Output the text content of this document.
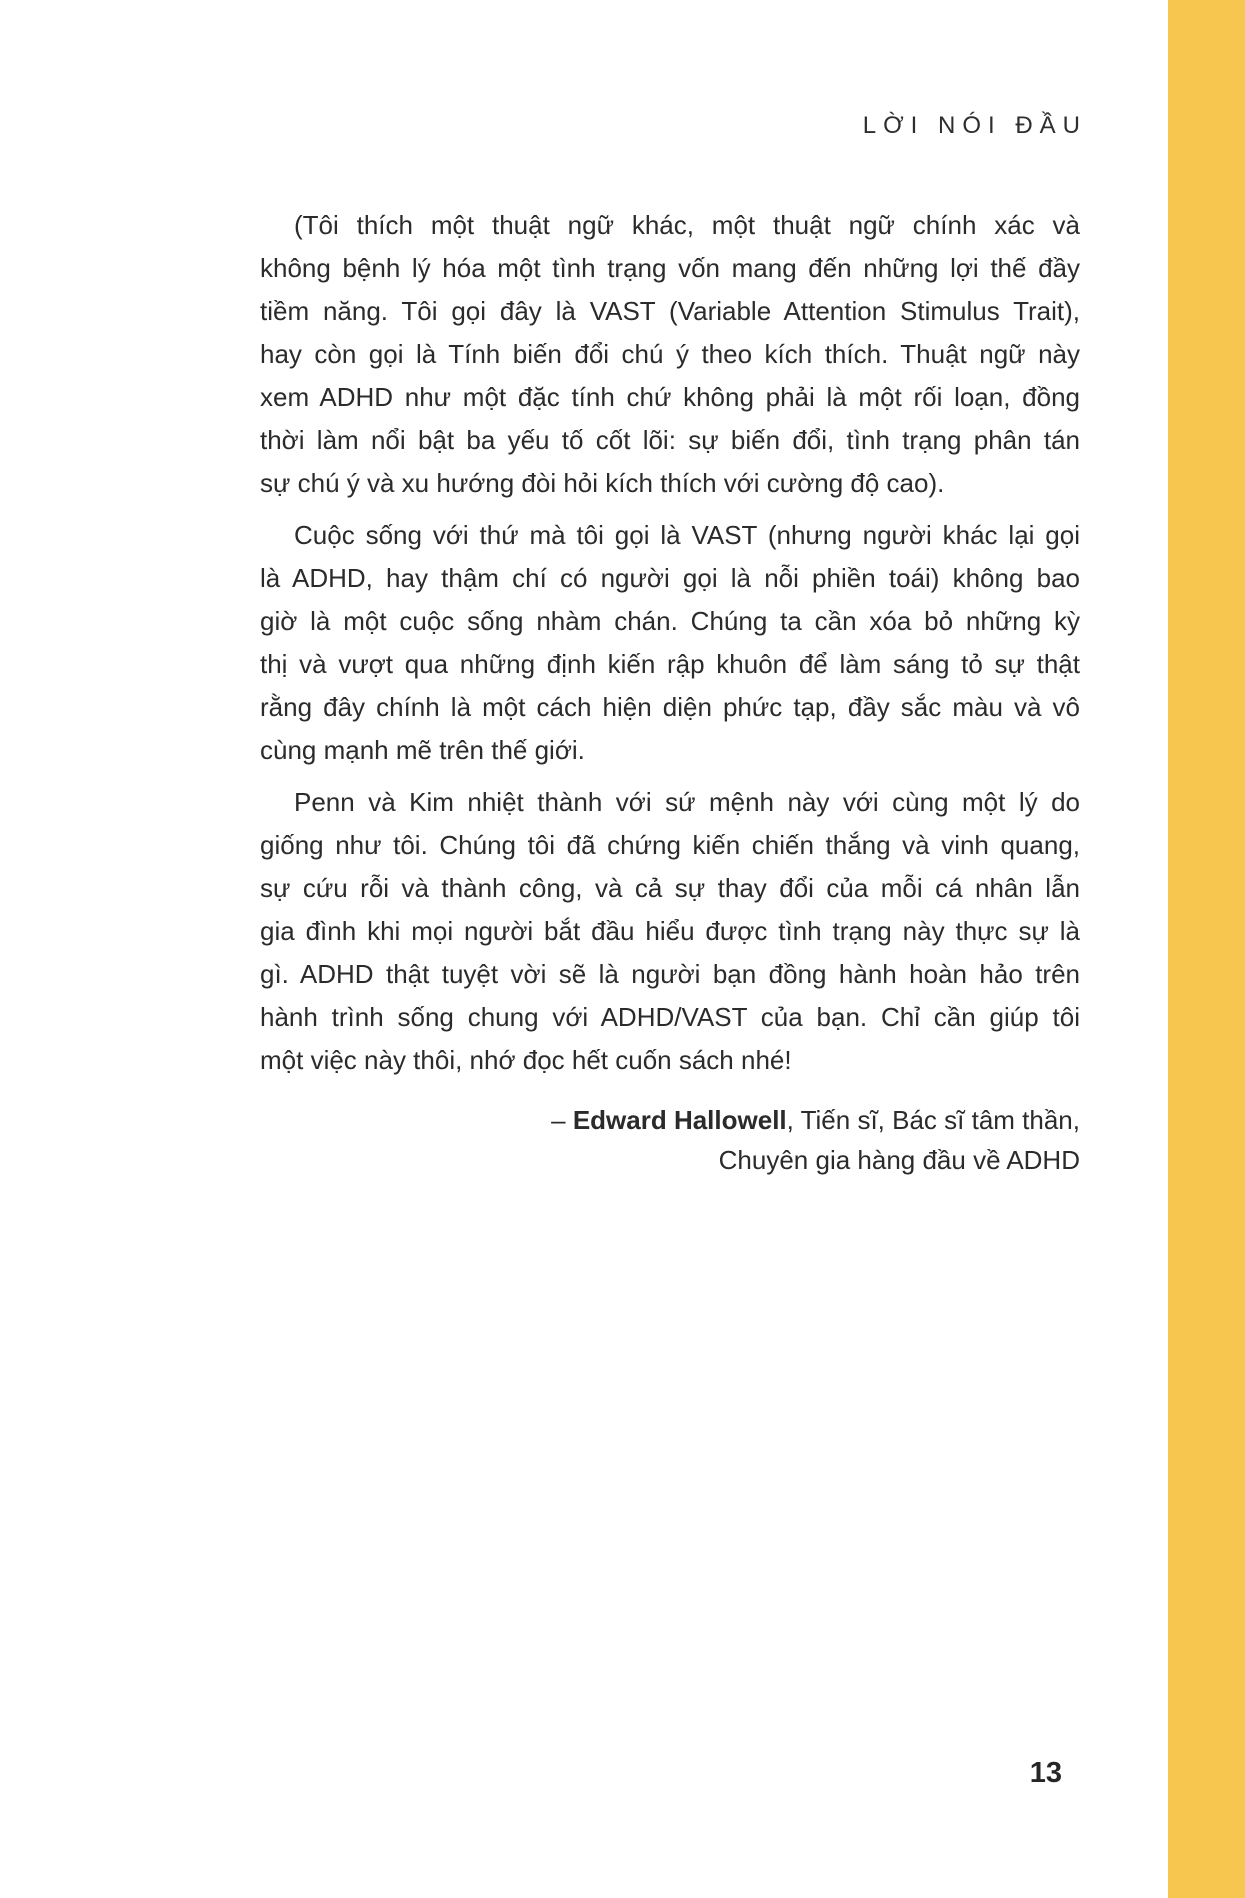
LỜI NÓI ĐẦU
(Tôi thích một thuật ngữ khác, một thuật ngữ chính xác và
không bệnh lý hóa một tình trạng vốn mang đến những lợi thế đầy
tiềm năng. Tôi gọi đây là VAST (Variable Attention Stimulus Trait),
hay còn gọi là Tính biến đổi chú ý theo kích thích. Thuật ngữ này
xem ADHD như một đặc tính chứ không phải là một rối loạn, đồng
thời làm nổi bật ba yếu tố cốt lõi: sự biến đổi, tình trạng phân tán
sự chú ý và xu hướng đòi hỏi kích thích với cường độ cao).
Cuộc sống với thứ mà tôi gọi là VAST (nhưng người khác lại gọi
là ADHD, hay thậm chí có người gọi là nỗi phiền toái) không bao
giờ là một cuộc sống nhàm chán. Chúng ta cần xóa bỏ những kỳ
thị và vượt qua những định kiến rập khuôn để làm sáng tỏ sự thật
rằng đây chính là một cách hiện diện phức tạp, đầy sắc màu và vô
cùng mạnh mẽ trên thế giới.
Penn và Kim nhiệt thành với sứ mệnh này với cùng một lý do
giống như tôi. Chúng tôi đã chứng kiến chiến thắng và vinh quang,
sự cứu rỗi và thành công, và cả sự thay đổi của mỗi cá nhân lẫn
gia đình khi mọi người bắt đầu hiểu được tình trạng này thực sự là
gì. ADHD thật tuyệt vời sẽ là người bạn đồng hành hoàn hảo trên
hành trình sống chung với ADHD/VAST của bạn. Chỉ cần giúp tôi
một việc này thôi, nhớ đọc hết cuốn sách nhé!
– Edward Hallowell, Tiến sĩ, Bác sĩ tâm thần,
Chuyên gia hàng đầu về ADHD
13
